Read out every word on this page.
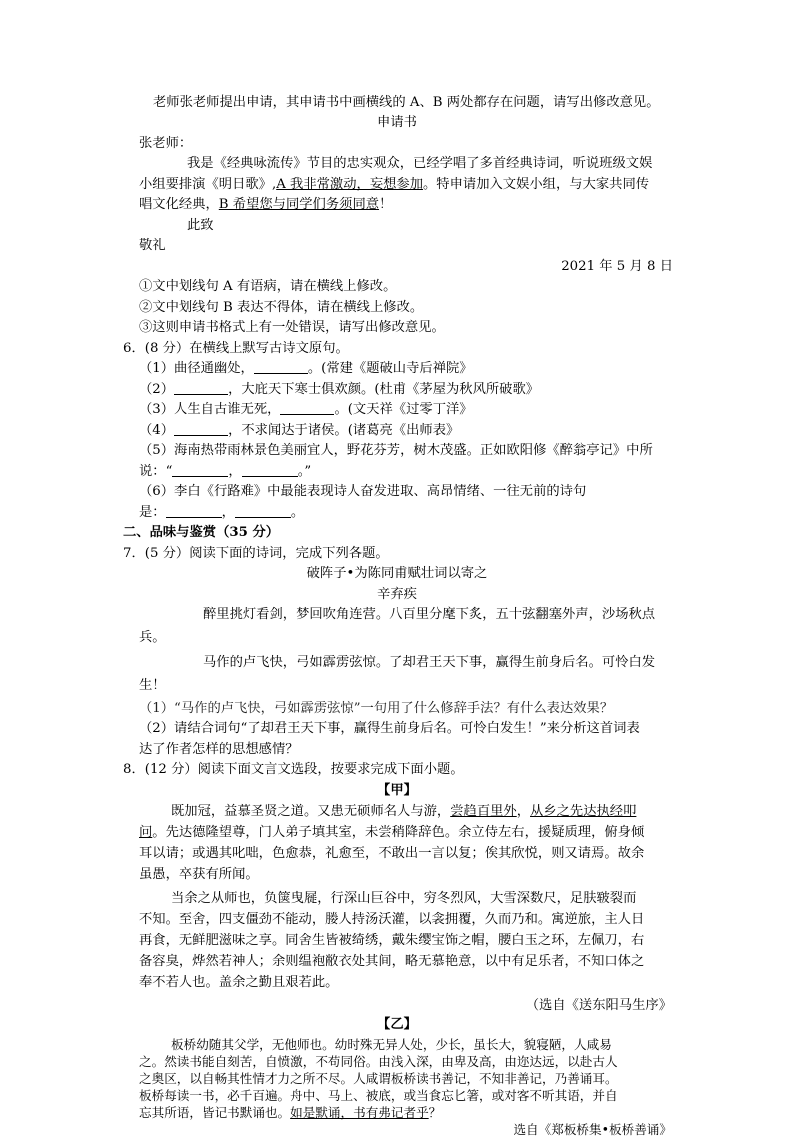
老师张老师提出申请，其申请书中画横线的 A、B 两处都存在问题，请写出修改意见。
申请书
张老师：
我是《经典咏流传》节目的忠实观众，已经学唱了多首经典诗词，听说班级文娱
小组要排演《明日歌》,A 我非常激动，妄想参加。特申请加入文娱小组，与大家共同传
唱文化经典，B 希望您与同学们务须同意！
此致
敬礼
2021 年 5 月 8 日
①文中划线句 A 有语病，请在横线上修改。
②文中划线句 B 表达不得体，请在横线上修改。
③这则申请书格式上有一处错误，请写出修改意见。
6．(8 分）在横线上默写古诗文原句。
（1）曲径通幽处，	。(常建《题破山寺后禅院》
（2）	，大庇天下寒士俱欢颜。(杜甫《茅屋为秋风所破歌》
（3）人生自古谁无死，	。(文天祥《过零丁洋》
（4）	，不求闻达于诸侯。(诸葛亮《出师表》
（5）海南热带雨林景色美丽宜人，野花芬芳，树木茂盛。正如欧阳修《醉翁亭记》中所
说：“	，	。”
（6）李白《行路难》中最能表现诗人奋发进取、高昂情绪、一往无前的诗句
是：	，	。
二、品味与鉴赏（35 分）
7．(5 分）阅读下面的诗词，完成下列各题。
破阵子•为陈同甫赋壮词以寄之
辛弃疾
醉里挑灯看剑，梦回吹角连营。八百里分麾下炙，五十弦翻塞外声，沙场秋点
兵。
马作的卢飞快，弓如霹雳弦惊。了却君王天下事，赢得生前身后名。可怜白发
生！
（1）“马作的卢飞快，弓如霹雳弦惊”一句用了什么修辞手法？有什么表达效果？
（2）请结合词句“了却君王天下事，赢得生前身后名。可怜白发生！”来分析这首词表
达了作者怎样的思想感情？
8．(12 分）阅读下面文言文选段，按要求完成下面小题。
【甲】
既加冠，益慕圣贤之道。又患无硕师名人与游，尝趋百里外，从乡之先达执经叩
问。先达德隆望尊，门人弟子填其室，未尝稍降辞色。余立侍左右，援疑质理，俯身倾
耳以请；或遇其叱咄，色愈恭，礼愈至，不敢出一言以复；俟其欣悦，则又请焉。故余
虽愚，卒获有所闻。
当余之从师也，负箧曳屣，行深山巨谷中，穷冬烈风，大雪深数尺，足肤皲裂而
不知。至舍，四支僵劲不能动，媵人持汤沃灌，以衾拥覆，久而乃和。寓逆旅，主人日
再食，无鲜肥滋味之享。同舍生皆被绮绣，戴朱缨宝饰之帽，腰白玉之环，左佩刀，右
备容臭，烨然若神人；余则缊袍敝衣处其间，略无慕艳意，以中有足乐者，不知口体之
奉不若人也。盖余之勤且艰若此。
（选自《送东阳马生序》
【乙】
板桥幼随其父学，无他师也。幼时殊无异人处，少长，虽长大，貌寝陋，人咸易
之。然读书能自刻苦，自愤激，不苟同俗。由浅入深，由卑及高，由迩达远，以赴古人
之奥区，以自畅其性情才力之所不尽。人咸谓板桥读书善记，不知非善记，乃善诵耳。
板桥每读一书，必千百遍。舟中、马上、被底，或当食忘匕箸，或对客不听其语，并自
忘其所语，皆记书默诵也。如是默诵，书有弗记者乎？
选自《郑板桥集•板桥善诵》
